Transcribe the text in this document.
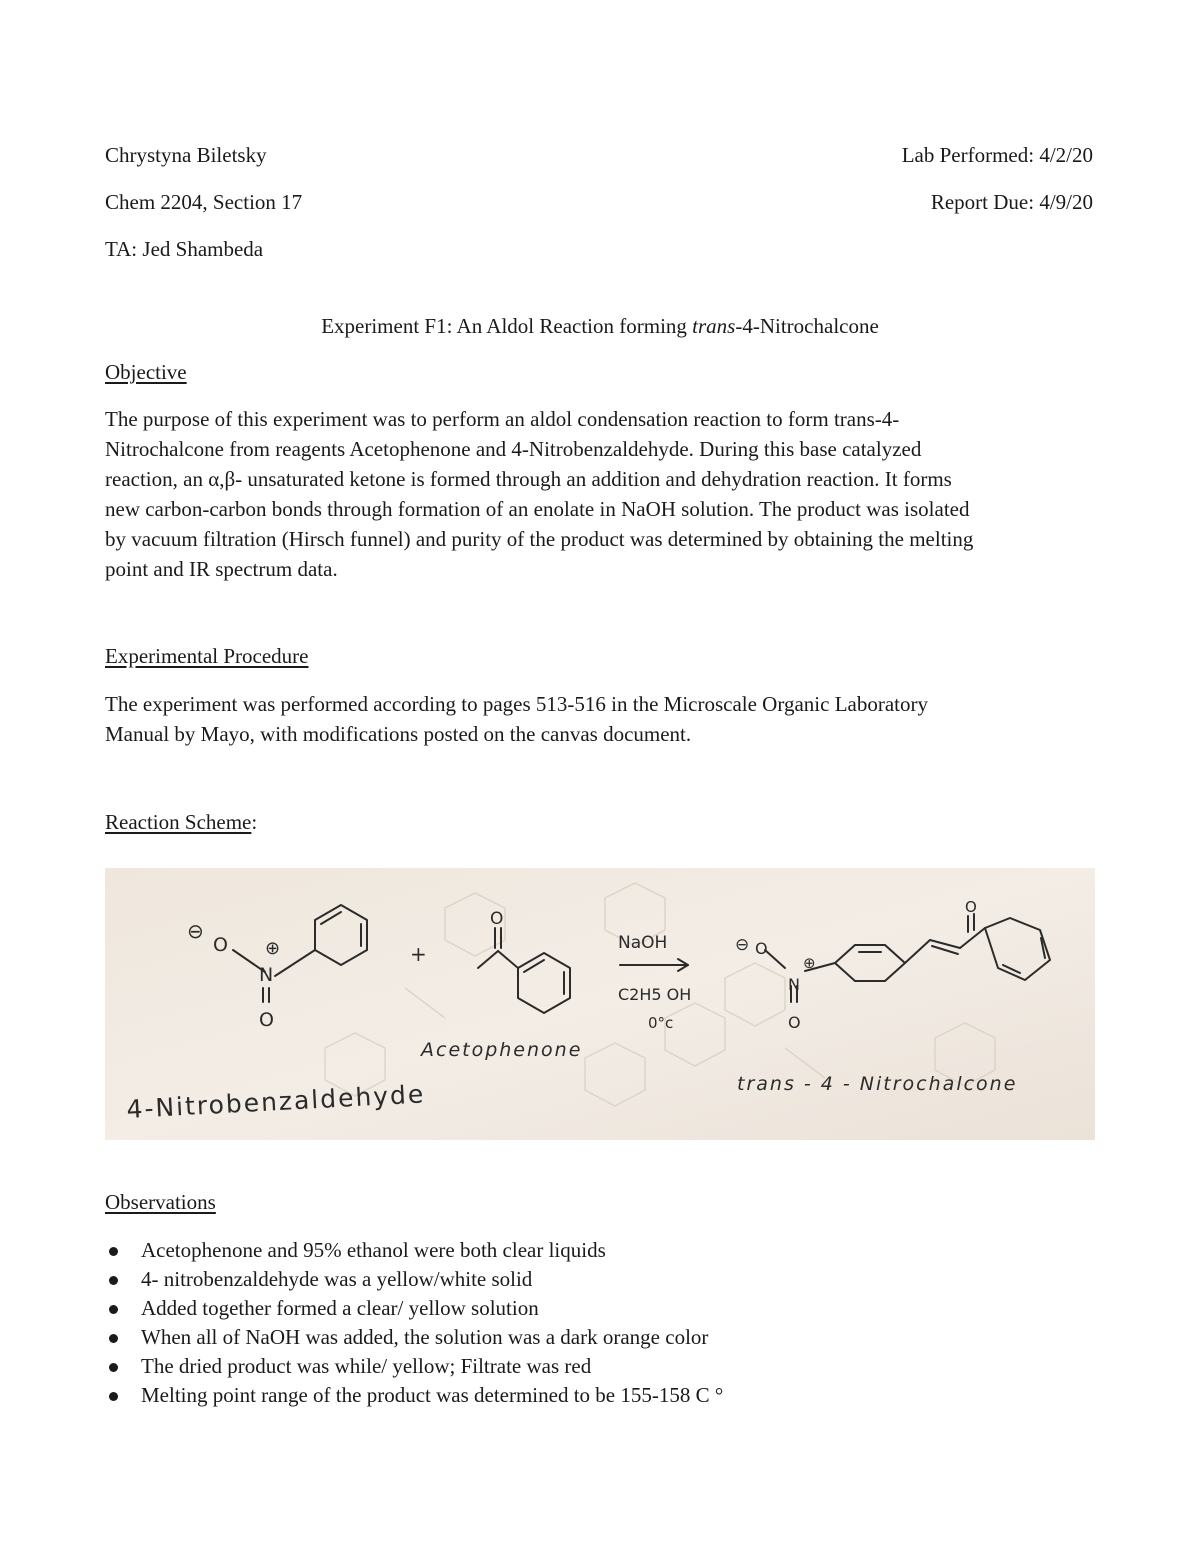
Chrystyna Biletsky
Chem 2204, Section 17
TA: Jed Shambeda
Lab Performed: 4/2/20
Report Due: 4/9/20
Experiment F1: An Aldol Reaction forming trans-4-Nitrochalcone
Objective
The purpose of this experiment was to perform an aldol condensation reaction to form trans-4-
Nitrochalcone from reagents Acetophenone and 4-Nitrobenzaldehyde. During this base catalyzed
reaction, an α,β- unsaturated ketone is formed through an addition and dehydration reaction. It forms
new carbon-carbon bonds through formation of an enolate in NaOH solution. The product was isolated
by vacuum filtration (Hirsch funnel) and purity of the product was determined by obtaining the melting
point and IR spectrum data.
Experimental Procedure
The experiment was performed according to pages 513-516 in the Microscale Organic Laboratory
Manual by Mayo, with modifications posted on the canvas document.
Reaction Scheme:
⊖
O ⊕
N
O
4-Nitrobenzaldehyde
+
O
Acetophenone
NaOH
C2H5 OH
0°c
⊖ O
⊕
N
O
O
trans - 4 - Nitrochalcone
Observations
Acetophenone and 95% ethanol were both clear liquids
4- nitrobenzaldehyde was a yellow/white solid
Added together formed a clear/ yellow solution
When all of NaOH was added, the solution was a dark orange color
The dried product was while/ yellow; Filtrate was red
Melting point range of the product was determined to be 155-158 C °
